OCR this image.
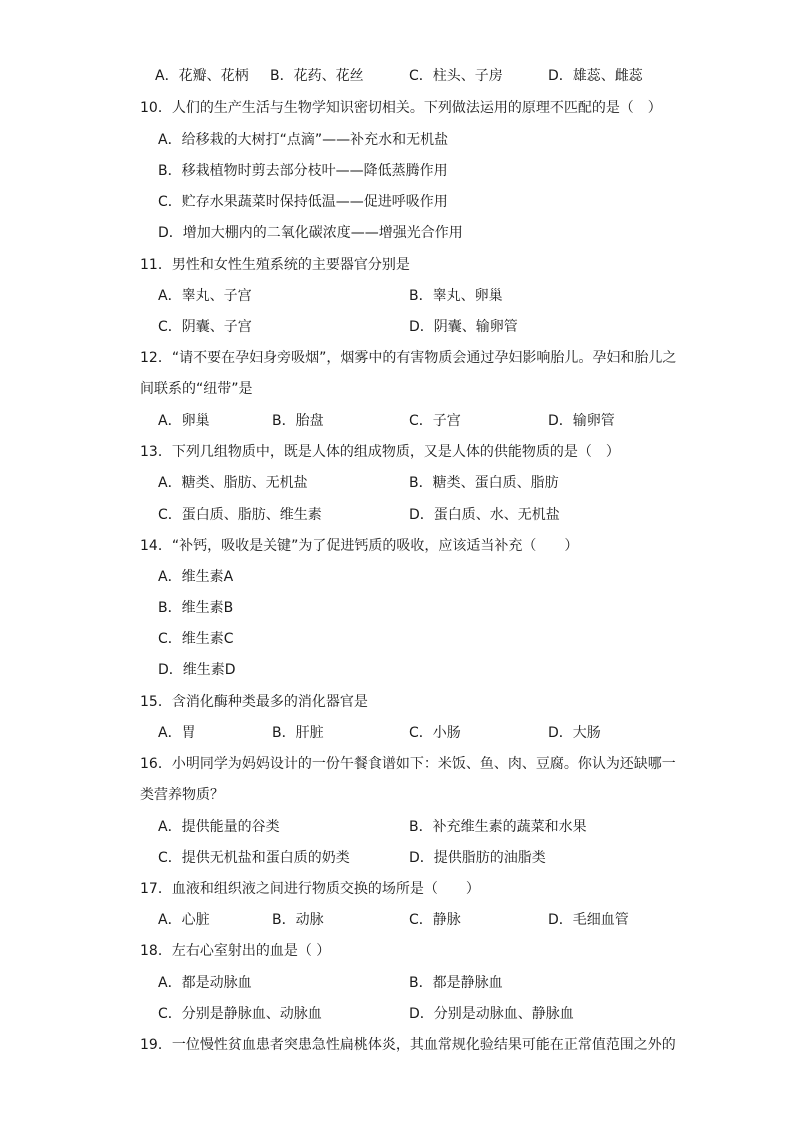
A．花瓣、花柄 B．花药、花丝	C．柱头、子房	D．雄蕊、雌蕊
10．人们的生产生活与生物学知识密切相关。下列做法运用的原理不匹配的是（　）
A．给移栽的大树打“点滴”——补充水和无机盐
B．移栽植物时剪去部分枝叶——降低蒸腾作用
C．贮存水果蔬菜时保持低温——促进呼吸作用
D．增加大棚内的二氧化碳浓度——增强光合作用
11．男性和女性生殖系统的主要器官分别是
A．睾丸、子宫	B．睾丸、卵巢
C．阴囊、子宫	D．阴囊、输卵管
12．“请不要在孕妇身旁吸烟”，烟雾中的有害物质会通过孕妇影响胎儿。孕妇和胎儿之
间联系的“纽带”是
A．卵巢	B．胎盘	C．子宫	D．输卵管
13．下列几组物质中，既是人体的组成物质，又是人体的供能物质的是（　）
A．糖类、脂肪、无机盐	B．糖类、蛋白质、脂肪
C．蛋白质、脂肪、维生素	D．蛋白质、水、无机盐
14．“补钙，吸收是关键”为了促进钙质的吸收，应该适当补充（　　）
A．维生素A
B．维生素B
C．维生素C
D．维生素D
15．含消化酶种类最多的消化器官是
A．胃	B．肝脏	C．小肠	D．大肠
16．小明同学为妈妈设计的一份午餐食谱如下：米饭、鱼、肉、豆腐。你认为还缺哪一
类营养物质？
A．提供能量的谷类	B．补充维生素的蔬菜和水果
C．提供无机盐和蛋白质的奶类	D．提供脂肪的油脂类
17．血液和组织液之间进行物质交换的场所是（　　）
A．心脏	B．动脉	C．静脉	D．毛细血管
18．左右心室射出的血是（ ）
A．都是动脉血	B．都是静脉血
C．分别是静脉血、动脉血	D．分别是动脉血、静脉血
19．一位慢性贫血患者突患急性扁桃体炎，其血常规化验结果可能在正常值范围之外的
